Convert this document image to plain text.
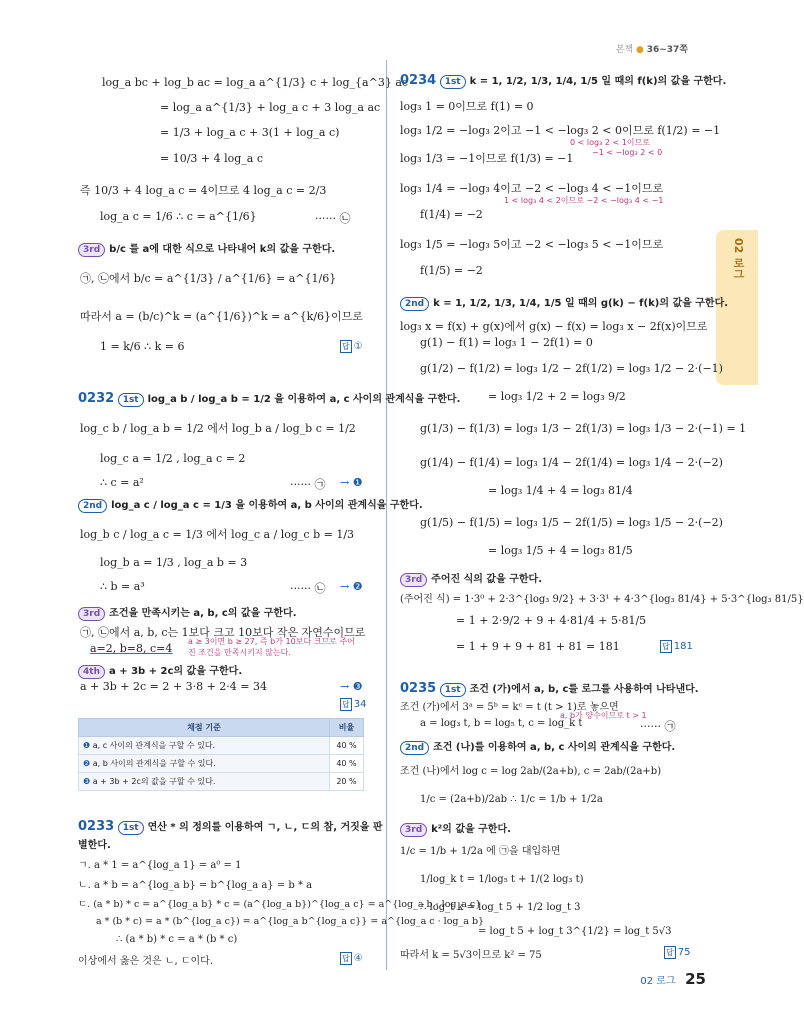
본책 ● 36~37쪽
02 로그
log_a bc + log_b ac = log_a a^{1/3} c + log_{a^3} ac
= log_a a^{1/3} + log_a c + 3 log_a ac
= 1/3 + log_a c + 3(1 + log_a c)
= 10/3 + 4 log_a c
즉 10/3 + 4 log_a c = 4이므로 4 log_a c = 2/3
log_a c = 1/6 ∴ c = a^{1/6}	······ ㉡
3rd b/c 를 a에 대한 식으로 나타내어 k의 값을 구한다.
㉠, ㉡에서 b/c = a^{1/3} / a^{1/6} = a^{1/6}
따라서 a = (b/c)^k = (a^{1/6})^k = a^{k/6}이므로
1 = k/6 ∴ k = 6	답 ①
0232 1st log_a b / log_a b = 1/2 을 이용하여 a, c 사이의 관계식을 구한다.
log_c b / log_a b = 1/2 에서 log_b a / log_b c = 1/2
log_c a = 1/2 , log_a c = 2
∴ c = a²	······ ㉠ → ❶
2nd log_a c / log_a c = 1/3 을 이용하여 a, b 사이의 관계식을 구한다.
log_b c / log_a c = 1/3 에서 log_c a / log_c b = 1/3
log_b a = 1/3 , log_a b = 3
∴ b = a³	······ ㉡ → ❷
3rd 조건을 만족시키는 a, b, c의 값을 구한다.
㉠, ㉡에서 a, b, c는 1보다 크고 10보다 작은 자연수이므로
a=2, b=8, c=4
a ≥ 3이면 b ≥ 27, 즉 b가 10보다 크므로 주어진 조건을 만족시키지 않는다.
4th a + 3b + 2c의 값을 구한다.
a + 3b + 2c = 2 + 3·8 + 2·4 = 34	→ ❸
답 34
채점 기준	비율
❶ a, c 사이의 관계식을 구할 수 있다.	40 %
❷ a, b 사이의 관계식을 구할 수 있다.	40 %
❸ a + 3b + 2c의 값을 구할 수 있다.	20 %
0233 1st 연산 * 의 정의를 이용하여 ㄱ, ㄴ, ㄷ의 참, 거짓을 판
별한다.
ㄱ. a * 1 = a^{log_a 1} = a⁰ = 1
ㄴ. a * b = a^{log_a b} = b^{log_a a} = b * a
ㄷ. (a * b) * c = a^{log_a b} * c = (a^{log_a b})^{log_a c} = a^{log_a b · log_a c}
a * (b * c) = a * (b^{log_a c}) = a^{log_a b^{log_a c}} = a^{log_a c · log_a b}
∴ (a * b) * c = a * (b * c)
이상에서 옳은 것은 ㄴ, ㄷ이다.	답 ④
0234 1st k = 1, 1/2, 1/3, 1/4, 1/5 일 때의 f(k)의 값을 구한다.
log₃ 1 = 0이므로 f(1) = 0
log₃ 1/2 = −log₃ 2이고 −1 < −log₃ 2 < 0이므로 f(1/2) = −1
0 < log₃ 2 < 1이므로
−1 < −log₃ 2 < 0
log₃ 1/3 = −1이므로 f(1/3) = −1
log₃ 1/4 = −log₃ 4이고 −2 < −log₃ 4 < −1이므로
1 < log₃ 4 < 2이므로 −2 < −log₃ 4 < −1
f(1/4) = −2
log₃ 1/5 = −log₃ 5이고 −2 < −log₃ 5 < −1이므로
f(1/5) = −2
2nd k = 1, 1/2, 1/3, 1/4, 1/5 일 때의 g(k) − f(k)의 값을 구한다.
log₃ x = f(x) + g(x)에서 g(x) − f(x) = log₃ x − 2f(x)이므로
g(1) − f(1) = log₃ 1 − 2f(1) = 0
g(1/2) − f(1/2) = log₃ 1/2 − 2f(1/2) = log₃ 1/2 − 2·(−1)
= log₃ 1/2 + 2 = log₃ 9/2
g(1/3) − f(1/3) = log₃ 1/3 − 2f(1/3) = log₃ 1/3 − 2·(−1) = 1
g(1/4) − f(1/4) = log₃ 1/4 − 2f(1/4) = log₃ 1/4 − 2·(−2)
= log₃ 1/4 + 4 = log₃ 81/4
g(1/5) − f(1/5) = log₃ 1/5 − 2f(1/5) = log₃ 1/5 − 2·(−2)
= log₃ 1/5 + 4 = log₃ 81/5
3rd 주어진 식의 값을 구한다.
(주어진 식) = 1·3⁰ + 2·3^{log₃ 9/2} + 3·3¹ + 4·3^{log₃ 81/4} + 5·3^{log₃ 81/5}
= 1 + 2·9/2 + 9 + 4·81/4 + 5·81/5
= 1 + 9 + 9 + 81 + 81 = 181	답 181
0235 1st 조건 (가)에서 a, b, c를 로그를 사용하여 나타낸다.
조건 (가)에서 3ᵃ = 5ᵇ = kᶜ = t (t > 1)로 놓으면
a, b가 양수이므로 t > 1
a = log₃ t, b = log₅ t, c = log_k t	······ ㉠
2nd 조건 (나)를 이용하여 a, b, c 사이의 관계식을 구한다.
조건 (나)에서 log c = log 2ab/(2a+b), c = 2ab/(2a+b)
1/c = (2a+b)/2ab ∴ 1/c = 1/b + 1/2a
3rd k²의 값을 구한다.
1/c = 1/b + 1/2a 에 ㉠을 대입하면
1/log_k t = 1/log₅ t + 1/(2 log₃ t)
∴ log_t k = log_t 5 + 1/2 log_t 3
= log_t 5 + log_t 3^{1/2} = log_t 5√3
따라서 k = 5√3이므로 k² = 75	답 75
02 로그 25
